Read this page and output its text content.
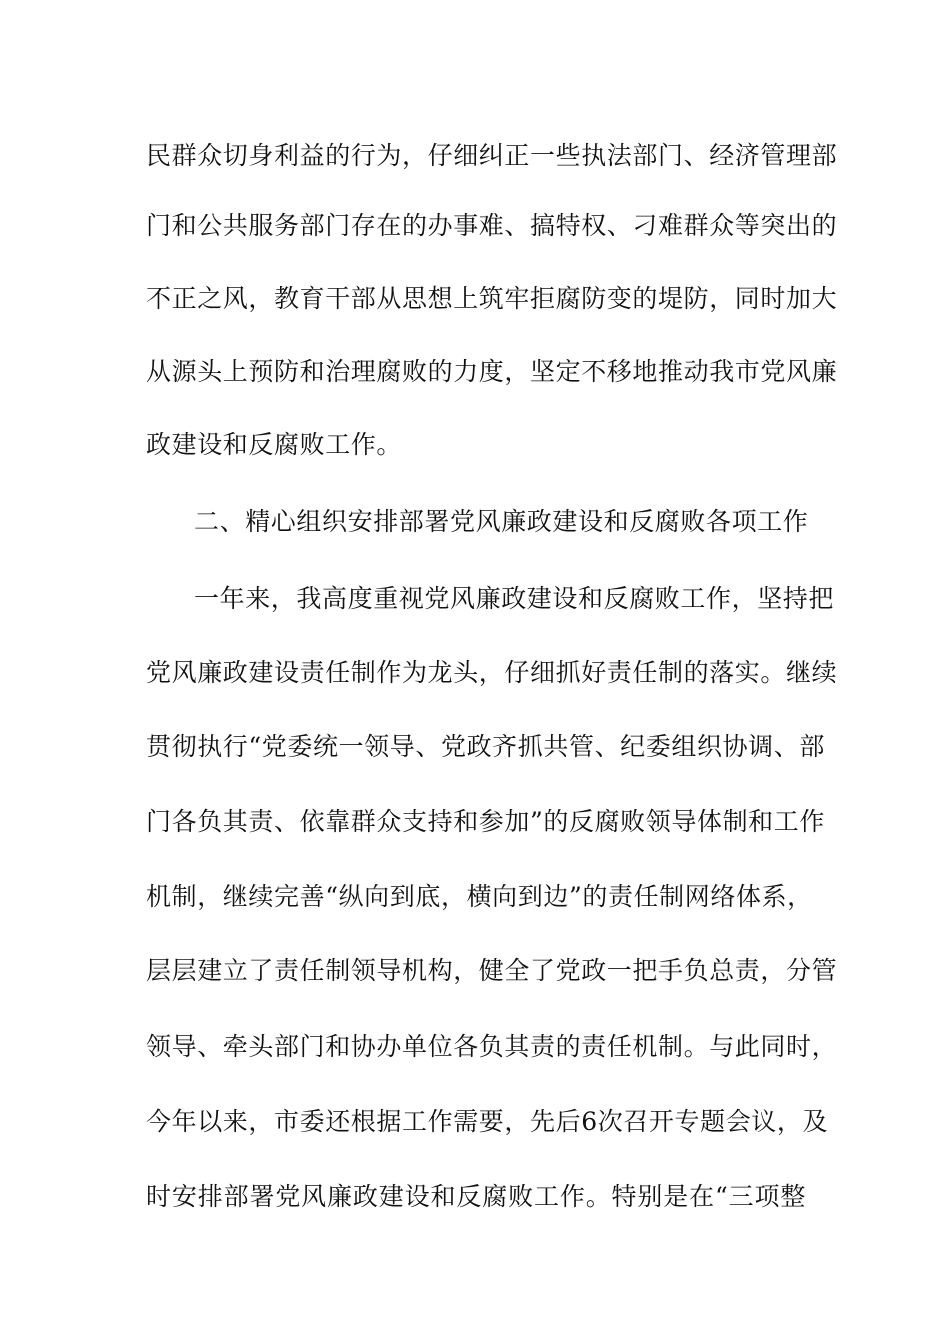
民群众切身利益的行为，仔细纠正一些执法部门、经济管理部
门和公共服务部门存在的办事难、搞特权、刁难群众等突出的
不正之风，教育干部从思想上筑牢拒腐防变的堤防，同时加大
从源头上预防和治理腐败的力度，坚定不移地推动我市党风廉
政建设和反腐败工作。
二、精心组织安排部署党风廉政建设和反腐败各项工作
一年来，我高度重视党风廉政建设和反腐败工作，坚持把
党风廉政建设责任制作为龙头，仔细抓好责任制的落实。继续
贯彻执行“党委统一领导、党政齐抓共管、纪委组织协调、部
门各负其责、依靠群众支持和参加”的反腐败领导体制和工作
机制，继续完善“纵向到底，横向到边”的责任制网络体系，
层层建立了责任制领导机构，健全了党政一把手负总责，分管
领导、牵头部门和协办单位各负其责的责任机制。与此同时，
今年以来，市委还根据工作需要，先后6次召开专题会议，及
时安排部署党风廉政建设和反腐败工作。特别是在“三项整
